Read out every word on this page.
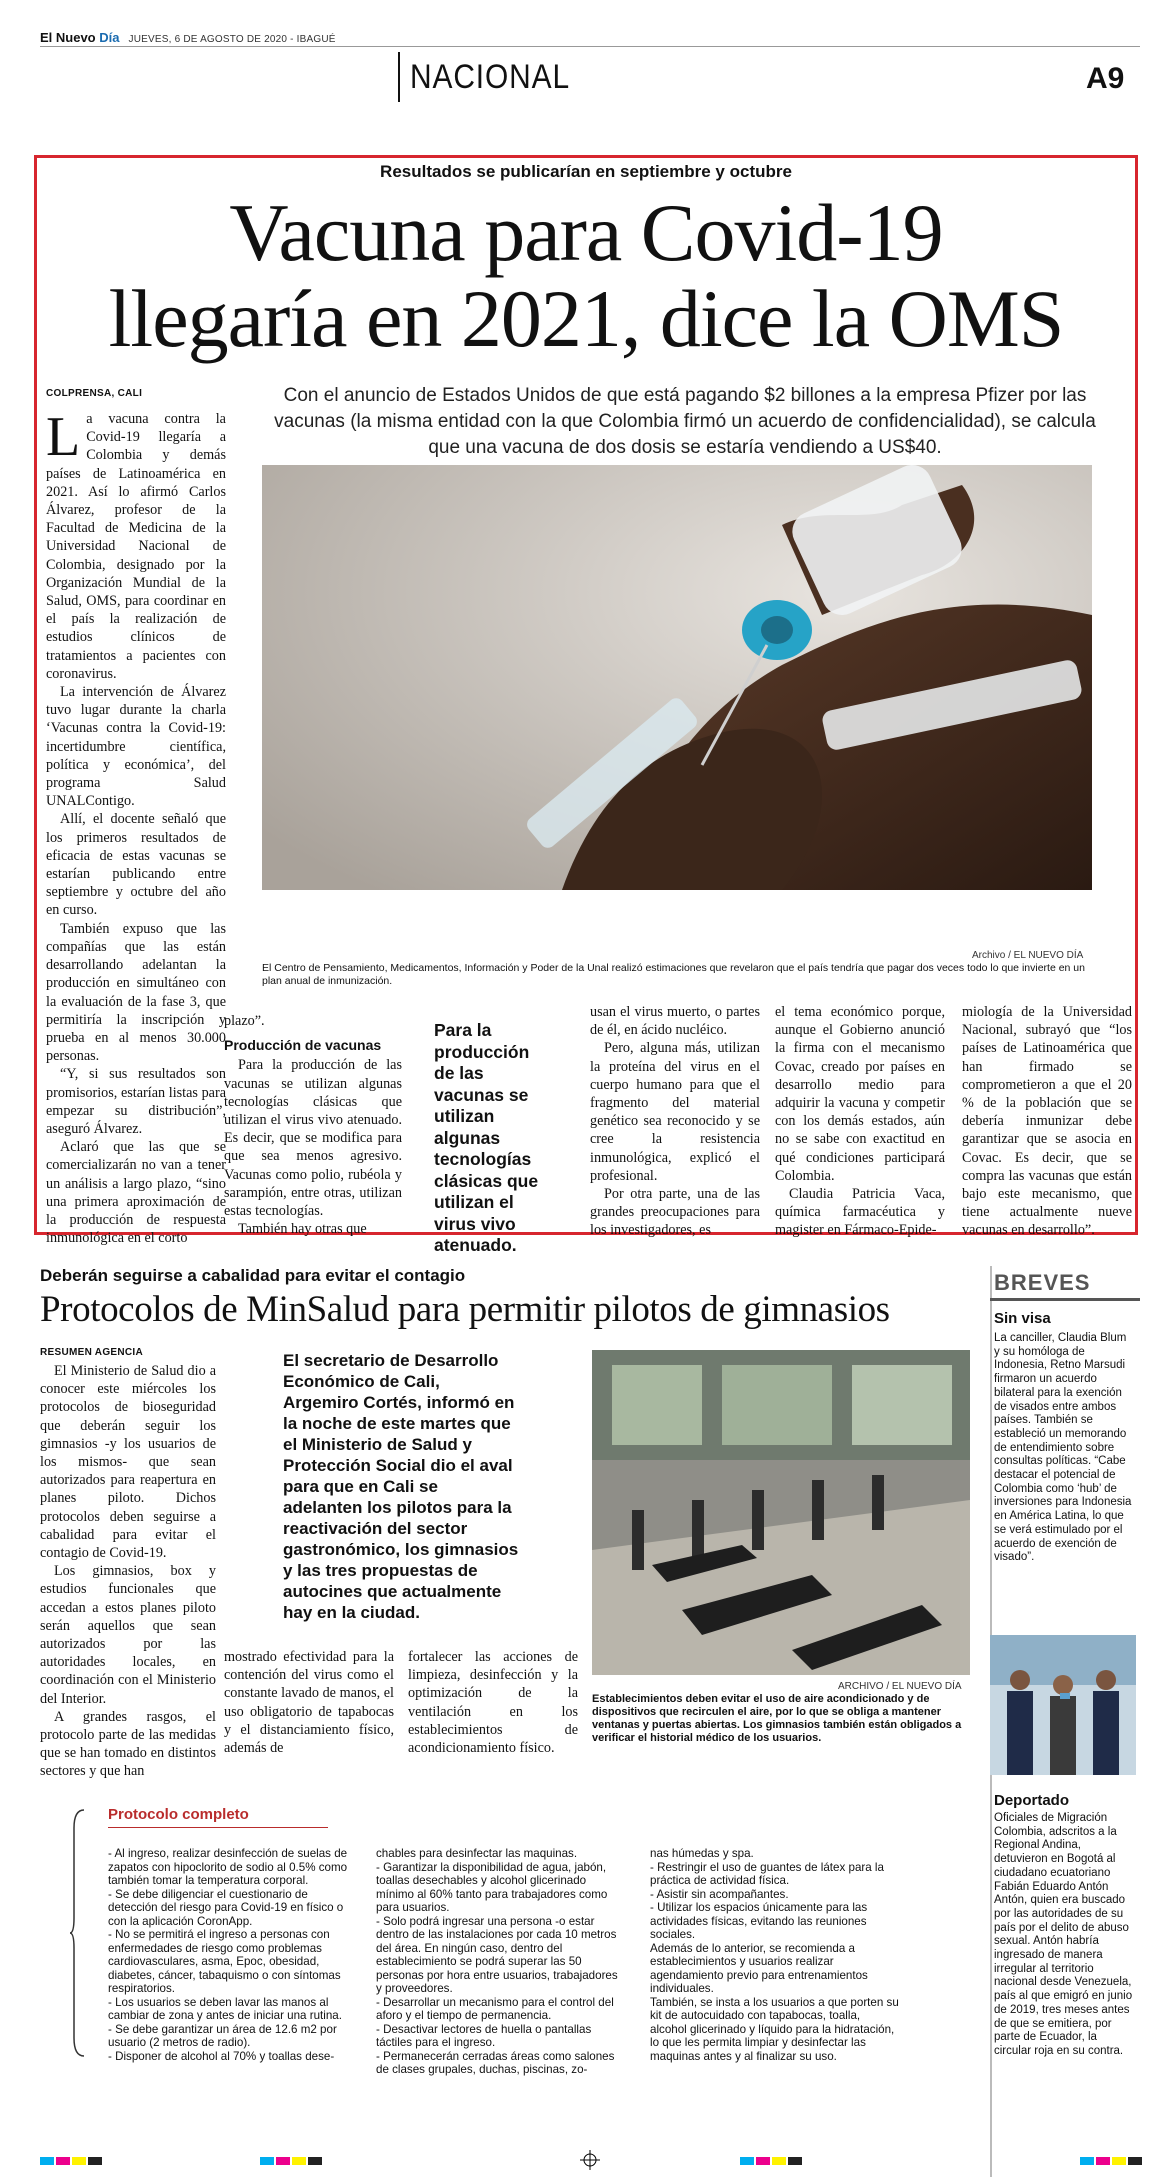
El Nuevo Día JUEVES, 6 DE AGOSTO DE 2020 - IBAGUÉ
NACIONAL	A9
Resultados se publicarían en septiembre y octubre
Vacuna para Covid-19
llegaría en 2021, dice la OMS
Con el anuncio de Estados Unidos de que está pagando $2 billones a la empresa Pfizer por las vacunas (la misma entidad con la que Colombia firmó un acuerdo de confidencialidad), se calcula que una vacuna de dos dosis se estaría vendiendo a US$40.
COLPRENSA, CALI

La vacuna contra la Covid-19 llegaría a Colombia y demás países de Latinoamérica en 2021. Así lo afirmó Carlos Álvarez, profesor de la Facultad de Medicina de la Universidad Nacional de Colombia, designado por la Organización Mundial de la Salud, OMS, para coordinar en el país la realización de estudios clínicos de tratamientos a pacientes con coronavirus.

La intervención de Álvarez tuvo lugar durante la charla ‘Vacunas contra la Covid-19: incertidumbre científica, política y económica’, del programa Salud UNALContigo.

Allí, el docente señaló que los primeros resultados de eficacia de estas vacunas se estarían publicando entre septiembre y octubre del año en curso.

También expuso que las compañías que las están desarrollando adelantan la producción en simultáneo con la evaluación de la fase 3, que permitiría la inscripción y prueba en al menos 30.000 personas.

“Y, si sus resultados son promisorios, estarían listas para empezar su distribución”, aseguró Álvarez.

Aclaró que las que se comercializarán no van a tener un análisis a largo plazo, “sino una primera aproximación de la producción de respuesta inmunológica en el corto

Archivo / EL NUEVO DÍA
El Centro de Pensamiento, Medicamentos, Información y Poder de la Unal realizó estimaciones que revelaron que el país tendría que pagar dos veces todo lo que invierte en un plan anual de inmunización.

plazo”.

Producción de vacunas

Para la producción de las vacunas se utilizan algunas tecnologías clásicas que utilizan el virus vivo atenuado. Es decir, que se modifica para que sea menos agresivo. Vacunas como polio, rubéola y sarampión, entre otras, utilizan estas tecnologías.

También hay otras que

Para la producción de las vacunas se utilizan algunas tecnologías clásicas que utilizan el virus vivo atenuado.

usan el virus muerto, o partes de él, en ácido nucléico.

Pero, alguna más, utilizan la proteína del virus en el cuerpo humano para que el fragmento del material genético sea reconocido y se cree la resistencia inmunológica, explicó el profesional.

Por otra parte, una de las grandes preocupaciones para los investigadores, es

el tema económico porque, aunque el Gobierno anunció la firma con el mecanismo Covac, creado por países en desarrollo medio para adquirir la vacuna y competir con los demás estados, aún no se sabe con exactitud en qué condiciones participará Colombia.

Claudia Patricia Vaca, química farmacéutica y magister en Fármaco-Epide-

miología de la Universidad Nacional, subrayó que “los países de Latinoamérica que han firmado se comprometieron a que el 20 % de la población que se debería inmunizar debe garantizar que se asocia en Covac. Es decir, que se compra las vacunas que están bajo este mecanismo, que tiene actualmente nueve vacunas en desarrollo”.

Deberán seguirse a cabalidad para evitar el contagio
Protocolos de MinSalud para permitir pilotos de gimnasios
RESUMEN AGENCIA

El Ministerio de Salud dio a conocer este miércoles los protocolos de bioseguridad que deberán seguir los gimnasios -y los usuarios de los mismos- que sean autorizados para reapertura en planes piloto. Dichos protocolos deben seguirse a cabalidad para evitar el contagio de Covid-19.

Los gimnasios, box y estudios funcionales que accedan a estos planes piloto serán aquellos que sean autorizados por las autoridades locales, en coordinación con el Ministerio del Interior.

A grandes rasgos, el protocolo parte de las medidas que se han tomado en distintos sectores y que han

El secretario de Desarrollo Económico de Cali, Argemiro Cortés, informó en la noche de este martes que el Ministerio de Salud y Protección Social dio el aval para que en Cali se adelanten los pilotos para la reactivación del sector gastronómico, los gimnasios y las tres propuestas de autocines que actualmente hay en la ciudad.

mostrado efectividad para la contención del virus como el constante lavado de manos, el uso obligatorio de tapabocas y el distanciamiento físico, además de

fortalecer las acciones de limpieza, desinfección y la optimización de la ventilación en los establecimientos de acondicionamiento físico.

ARCHIVO / EL NUEVO DÍA
Establecimientos deben evitar el uso de aire acondicionado y de dispositivos que recirculen el aire, por lo que se obliga a mantener ventanas y puertas abiertas. Los gimnasios también están obligados a verificar el historial médico de los usuarios.
BREVES
Sin visa
La canciller, Claudia Blum y su homóloga de Indonesia, Retno Marsudi firmaron un acuerdo bilateral para la exención de visados entre ambos países. También se estableció un memorando de entendimiento sobre consultas políticas. “Cabe destacar el potencial de Colombia como ‘hub’ de inversiones para Indonesia en América Latina, lo que se verá estimulado por el acuerdo de exención de visado”.
Deportado
Oficiales de Migración Colombia, adscritos a la Regional Andina, detuvieron en Bogotá al ciudadano ecuatoriano Fabián Eduardo Antón Antón, quien era buscado por las autoridades de su país por el delito de abuso sexual. Antón habría ingresado de manera irregular al territorio nacional desde Venezuela, país al que emigró en junio de 2019, tres meses antes de que se emitiera, por parte de Ecuador, la circular roja en su contra.
Protocolo completo
- Al ingreso, realizar desinfección de suelas de zapatos con hipoclorito de sodio al 0.5% como también tomar la temperatura corporal.
- Se debe diligenciar el cuestionario de detección del riesgo para Covid-19 en físico o con la aplicación CoronApp.
- No se permitirá el ingreso a personas con enfermedades de riesgo como problemas cardiovasculares, asma, Epoc, obesidad, diabetes, cáncer, tabaquismo o con síntomas respiratorios.
- Los usuarios se deben lavar las manos al cambiar de zona y antes de iniciar una rutina.
- Se debe garantizar un área de 12.6 m2 por usuario (2 metros de radio).
- Disponer de alcohol al 70% y toallas dese-
chables para desinfectar las maquinas.
- Garantizar la disponibilidad de agua, jabón, toallas desechables y alcohol glicerinado mínimo al 60% tanto para trabajadores como para usuarios.
- Solo podrá ingresar una persona -o estar dentro de las instalaciones por cada 10 metros del área. En ningún caso, dentro del establecimiento se podrá superar las 50 personas por hora entre usuarios, trabajadores y proveedores.
- Desarrollar un mecanismo para el control del aforo y el tiempo de permanencia.
- Desactivar lectores de huella o pantallas táctiles para el ingreso.
- Permanecerán cerradas áreas como salones de clases grupales, duchas, piscinas, zo-
nas húmedas y spa.
- Restringir el uso de guantes de látex para la práctica de actividad física.
- Asistir sin acompañantes.
- Utilizar los espacios únicamente para las actividades físicas, evitando las reuniones sociales.
Además de lo anterior, se recomienda a establecimientos y usuarios realizar agendamiento previo para entrenamientos individuales.
También, se insta a los usuarios a que porten su kit de autocuidado con tapabocas, toalla, alcohol glicerinado y líquido para la hidratación, lo que les permita limpiar y desinfectar las maquinas antes y al finalizar su uso.
